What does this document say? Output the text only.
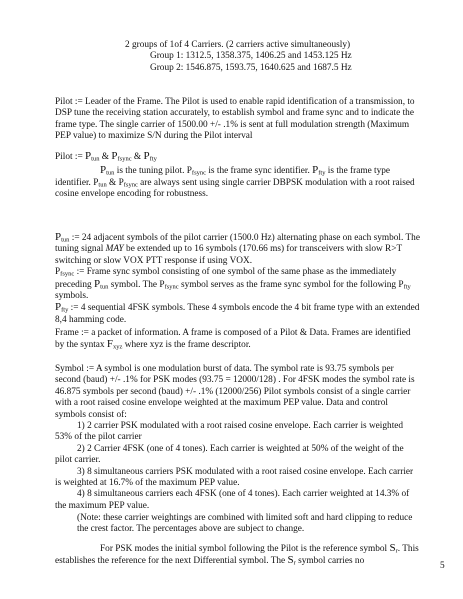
2 groups of 1of 4 Carriers. (2 carriers active simultaneously)

Group 1: 1312.5, 1358.375, 1406.25 and 1453.125 Hz

Group 2: 1546.875, 1593.75, 1640.625 and 1687.5 Hz

Pilot := Leader of the Frame. The Pilot is used to enable rapid identification of a transmission, to DSP tune the receiving station accurately, to establish symbol and frame sync and to indicate the frame type. The single carrier of 1500.00 +/- .1% is sent at full modulation strength (Maximum PEP value) to maximize S/N during the Pilot interval

Pilot := $P_{tun}$ & $P_{fsync}$ & $P_{fty}$

$P_{tun}$ is the tuning pilot. $P_{fsync}$ is the frame sync identifier. $P_{fty}$ is the frame type identifier. $P_{tun}$ & $P_{fsync}$ are always sent using single carrier DBPSK modulation with a root raised cosine envelope encoding for robustness.

$P_{tun}$ := 24 adjacent symbols of the pilot carrier (1500.0 Hz) alternating phase on each symbol. The tuning signal MAY be extended up to 16 symbols (170.66 ms) for transceivers with slow R>T switching or slow VOX PTT response if using VOX.

$P_{fsync}$ := Frame sync symbol consisting of one symbol of the same phase as the immediately preceding $P_{tun}$ symbol. The $P_{fsync}$ symbol serves as the frame sync symbol for the following $P_{fty}$ symbols.

$P_{fty}$ := 4 sequential 4FSK symbols. These 4 symbols encode the 4 bit frame type with an extended 8,4 hamming code.

Frame := a packet of information. A frame is composed of a Pilot & Data. Frames are identified by the syntax $F_{xyz}$ where xyz is the frame descriptor.

Symbol := A symbol is one modulation burst of data. The symbol rate is 93.75 symbols per second (baud) +/- .1% for PSK modes (93.75 = 12000/128) . For 4FSK modes the symbol rate is 46.875 symbols per second (baud) +/- .1% (12000/256) Pilot symbols consist of a single carrier with a root raised cosine envelope weighted at the maximum PEP value. Data and control symbols consist of:

1) 2 carrier PSK modulated with a root raised cosine envelope. Each carrier is weighted 53% of the pilot carrier

2) 2 Carrier 4FSK (one of 4 tones). Each carrier is weighted at 50% of the weight of the pilot carrier.

3) 8 simultaneous carriers PSK modulated with a root raised cosine envelope. Each carrier is weighted at 16.7% of the maximum PEP value.

4) 8 simultaneous carriers each 4FSK (one of 4 tones). Each carrier weighted at 14.3% of the maximum PEP value.

(Note: these carrier weightings are combined with limited soft and hard clipping to reduce the crest factor. The percentages above are subject to change.

For PSK modes the initial symbol following the Pilot is the reference symbol $S_r$. This establishes the reference for the next Differential symbol. The $S_r$ symbol carries no	5
